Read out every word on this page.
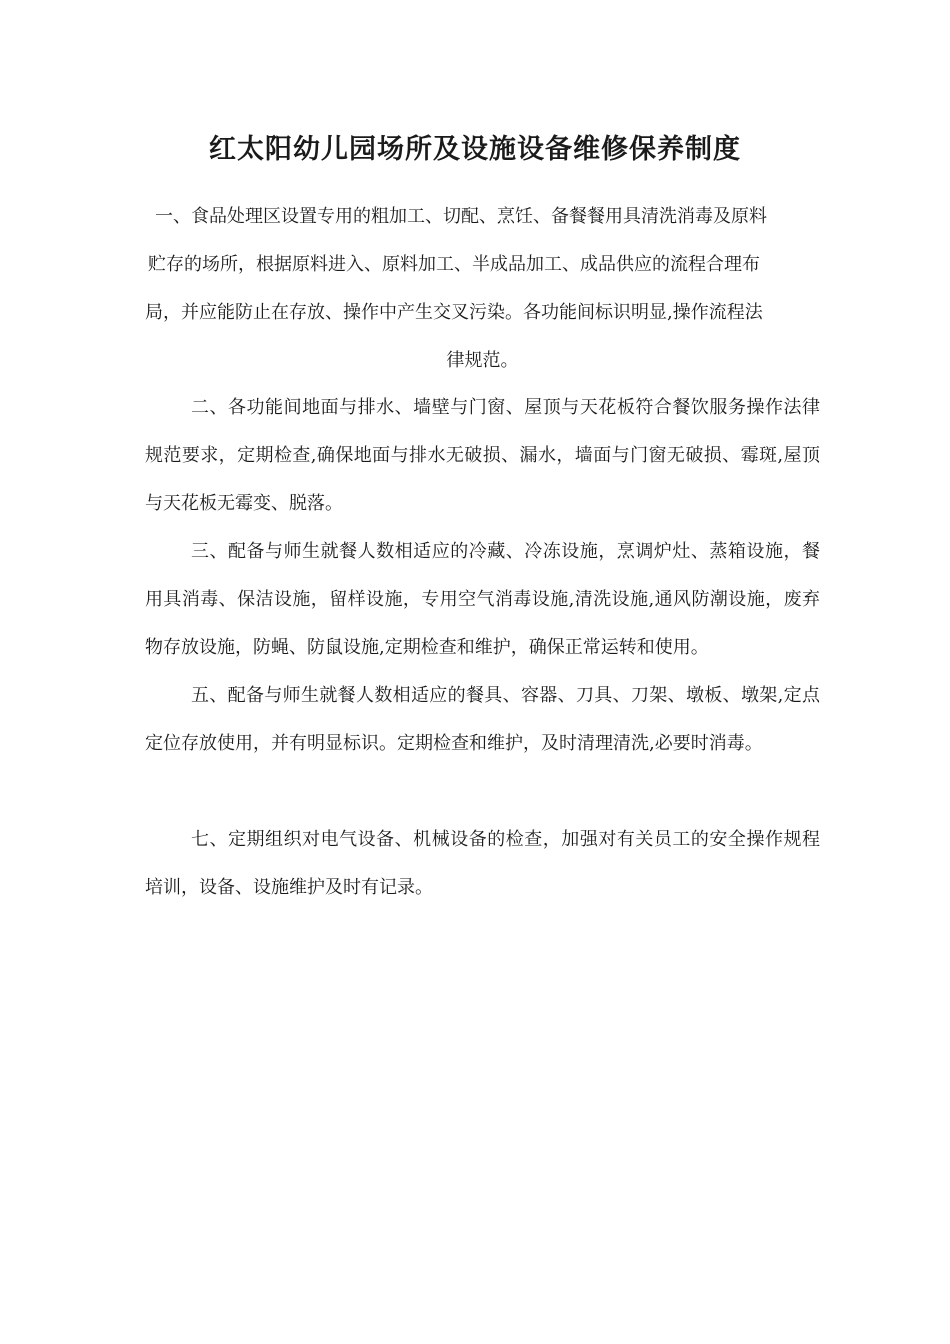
红太阳幼儿园场所及设施设备维修保养制度

一、食品处理区设置专用的粗加工、切配、烹饪、备餐餐用具清洗消毒及原料
贮存的场所，根据原料进入、原料加工、半成品加工、成品供应的流程合理布
局，并应能防止在存放、操作中产生交叉污染。各功能间标识明显,操作流程法
律规范。

二、各功能间地面与排水、墙壁与门窗、屋顶与天花板符合餐饮服务操作法律规范要求，定期检查,确保地面与排水无破损、漏水，墙面与门窗无破损、霉斑,屋顶与天花板无霉变、脱落。

三、配备与师生就餐人数相适应的冷藏、冷冻设施，烹调炉灶、蒸箱设施，餐用具消毒、保洁设施，留样设施，专用空气消毒设施,清洗设施,通风防潮设施，废弃物存放设施，防蝇、防鼠设施,定期检查和维护，确保正常运转和使用。

五、配备与师生就餐人数相适应的餐具、容器、刀具、刀架、墩板、墩架,定点定位存放使用，并有明显标识。定期检查和维护，及时清理清洗,必要时消毒。

七、定期组织对电气设备、机械设备的检查，加强对有关员工的安全操作规程培训，设备、设施维护及时有记录。
